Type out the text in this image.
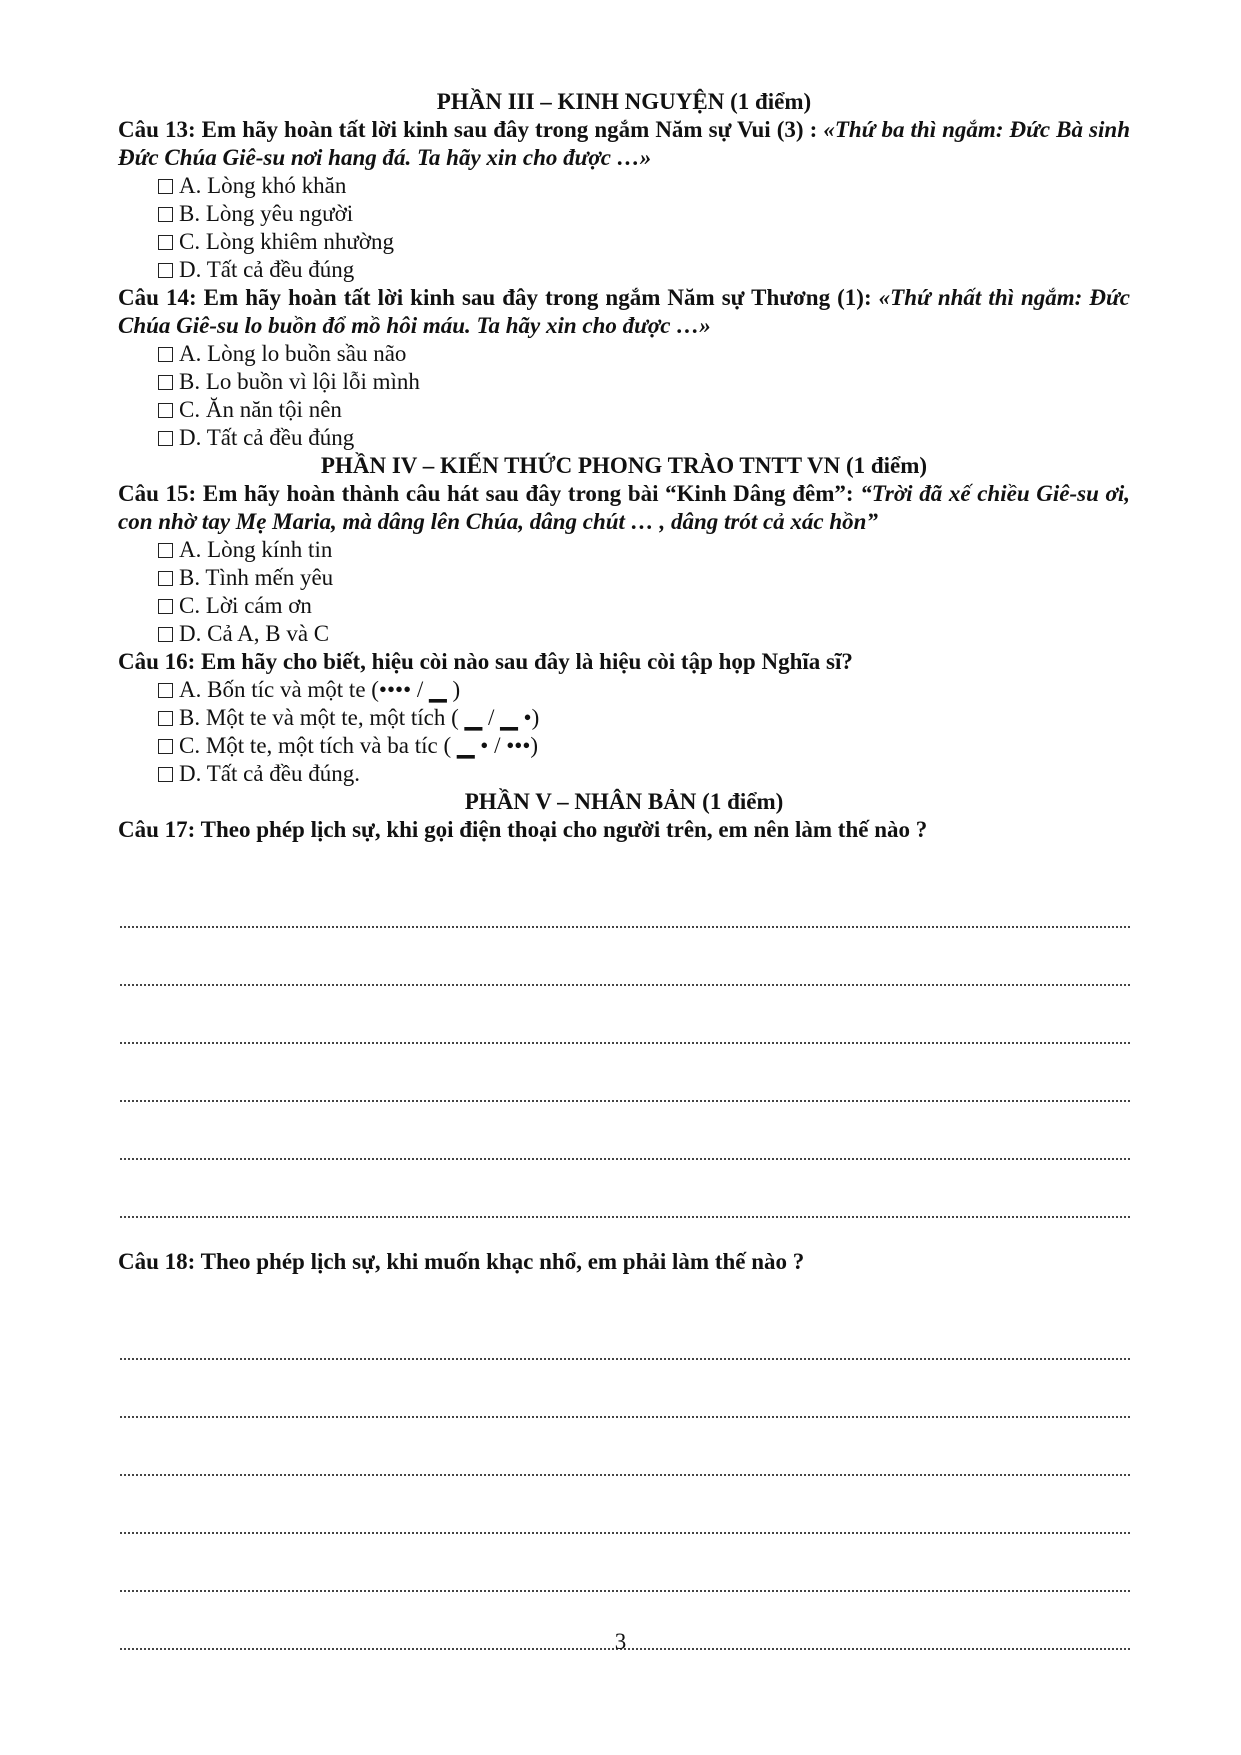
PHẦN III – KINH NGUYỆN (1 điểm)
Câu 13: Em hãy hoàn tất lời kinh sau đây trong ngắm Năm sự Vui (3) : «Thứ ba thì ngắm: Đức Bà sinh Đức Chúa Giê-su nơi hang đá. Ta hãy xin cho được …»
A. Lòng khó khăn
B. Lòng yêu người
C. Lòng khiêm nhường
D. Tất cả đều đúng
Câu 14: Em hãy hoàn tất lời kinh sau đây trong ngắm Năm sự Thương (1): «Thứ nhất thì ngắm: Đức Chúa Giê-su lo buồn đổ mồ hôi máu. Ta hãy xin cho được …»
A. Lòng lo buồn sầu não
B. Lo buồn vì lội lỗi mình
C. Ăn năn tội nên
D. Tất cả đều đúng
PHẦN IV – KIẾN THỨC PHONG TRÀO TNTT VN (1 điểm)
Câu 15: Em hãy hoàn thành câu hát sau đây trong bài “Kinh Dâng đêm”: “Trời đã xế chiều Giê-su ơi, con nhờ tay Mẹ Maria, mà dâng lên Chúa, dâng chút … , dâng trót cả xác hồn”
A. Lòng kính tin
B. Tình mến yêu
C. Lời cám ơn
D. Cả A, B và C
Câu 16: Em hãy cho biết, hiệu còi nào sau đây là hiệu còi tập họp Nghĩa sĩ?
A. Bốn tíc và một te (•••• / ▁ )
B. Một te và một te, một tích ( ▁ / ▁ •)
C. Một te, một tích và ba tíc ( ▁ • / •••)
D. Tất cả đều đúng.
PHẦN V – NHÂN BẢN (1 điểm)
Câu 17: Theo phép lịch sự, khi gọi điện thoại cho người trên, em nên làm thế nào ?
Câu 18: Theo phép lịch sự, khi muốn khạc nhổ, em phải làm thế nào ?
3
